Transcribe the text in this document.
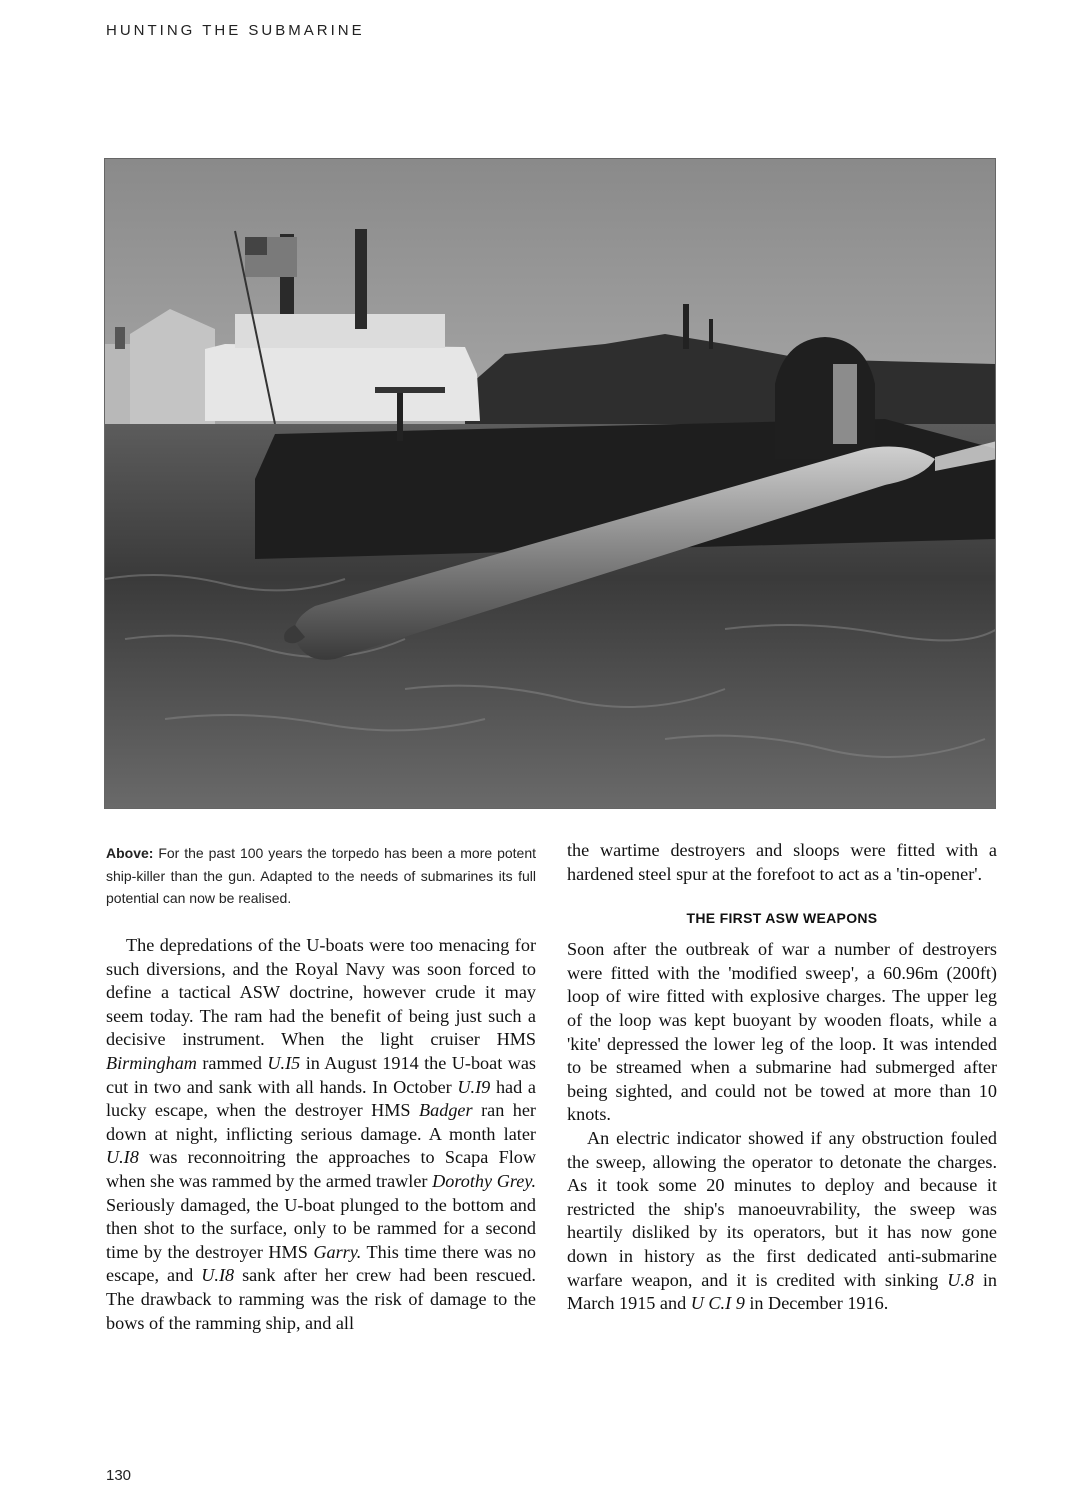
HUNTING THE SUBMARINE
Above: For the past 100 years the torpedo has been a more potent ship-killer than the gun. Adapted to the needs of submarines its full potential can now be realised.

The depredations of the U-boats were too menacing for such diversions, and the Royal Navy was soon forced to define a tactical ASW doctrine, however crude it may seem today. The ram had the benefit of being just such a decisive instrument. When the light cruiser HMS Birmingham rammed U.I5 in August 1914 the U-boat was cut in two and sank with all hands. In October U.I9 had a lucky escape, when the destroyer HMS Badger ran her down at night, inflicting serious damage. A month later U.I8 was reconnoitring the approaches to Scapa Flow when she was rammed by the armed trawler Dorothy Grey. Seriously damaged, the U-boat plunged to the bottom and then shot to the surface, only to be rammed for a second time by the destroyer HMS Garry. This time there was no escape, and U.I8 sank after her crew had been rescued. The drawback to ramming was the risk of damage to the bows of the ramming ship, and all

the wartime destroyers and sloops were fitted with a hardened steel spur at the forefoot to act as a 'tin-opener'.

THE FIRST ASW WEAPONS

Soon after the outbreak of war a number of destroyers were fitted with the 'modified sweep', a 60.96m (200ft) loop of wire fitted with explosive charges. The upper leg of the loop was kept buoyant by wooden floats, while a 'kite' depressed the lower leg of the loop. It was intended to be streamed when a submarine had submerged after being sighted, and could not be towed at more than 10 knots.

An electric indicator showed if any obstruction fouled the sweep, allowing the operator to detonate the charges. As it took some 20 minutes to deploy and because it restricted the ship's manoeuvrability, the sweep was heartily disliked by its operators, but it has now gone down in history as the first dedicated anti-submarine warfare weapon, and it is credited with sinking U.8 in March 1915 and U C.I 9 in December 1916.

130
